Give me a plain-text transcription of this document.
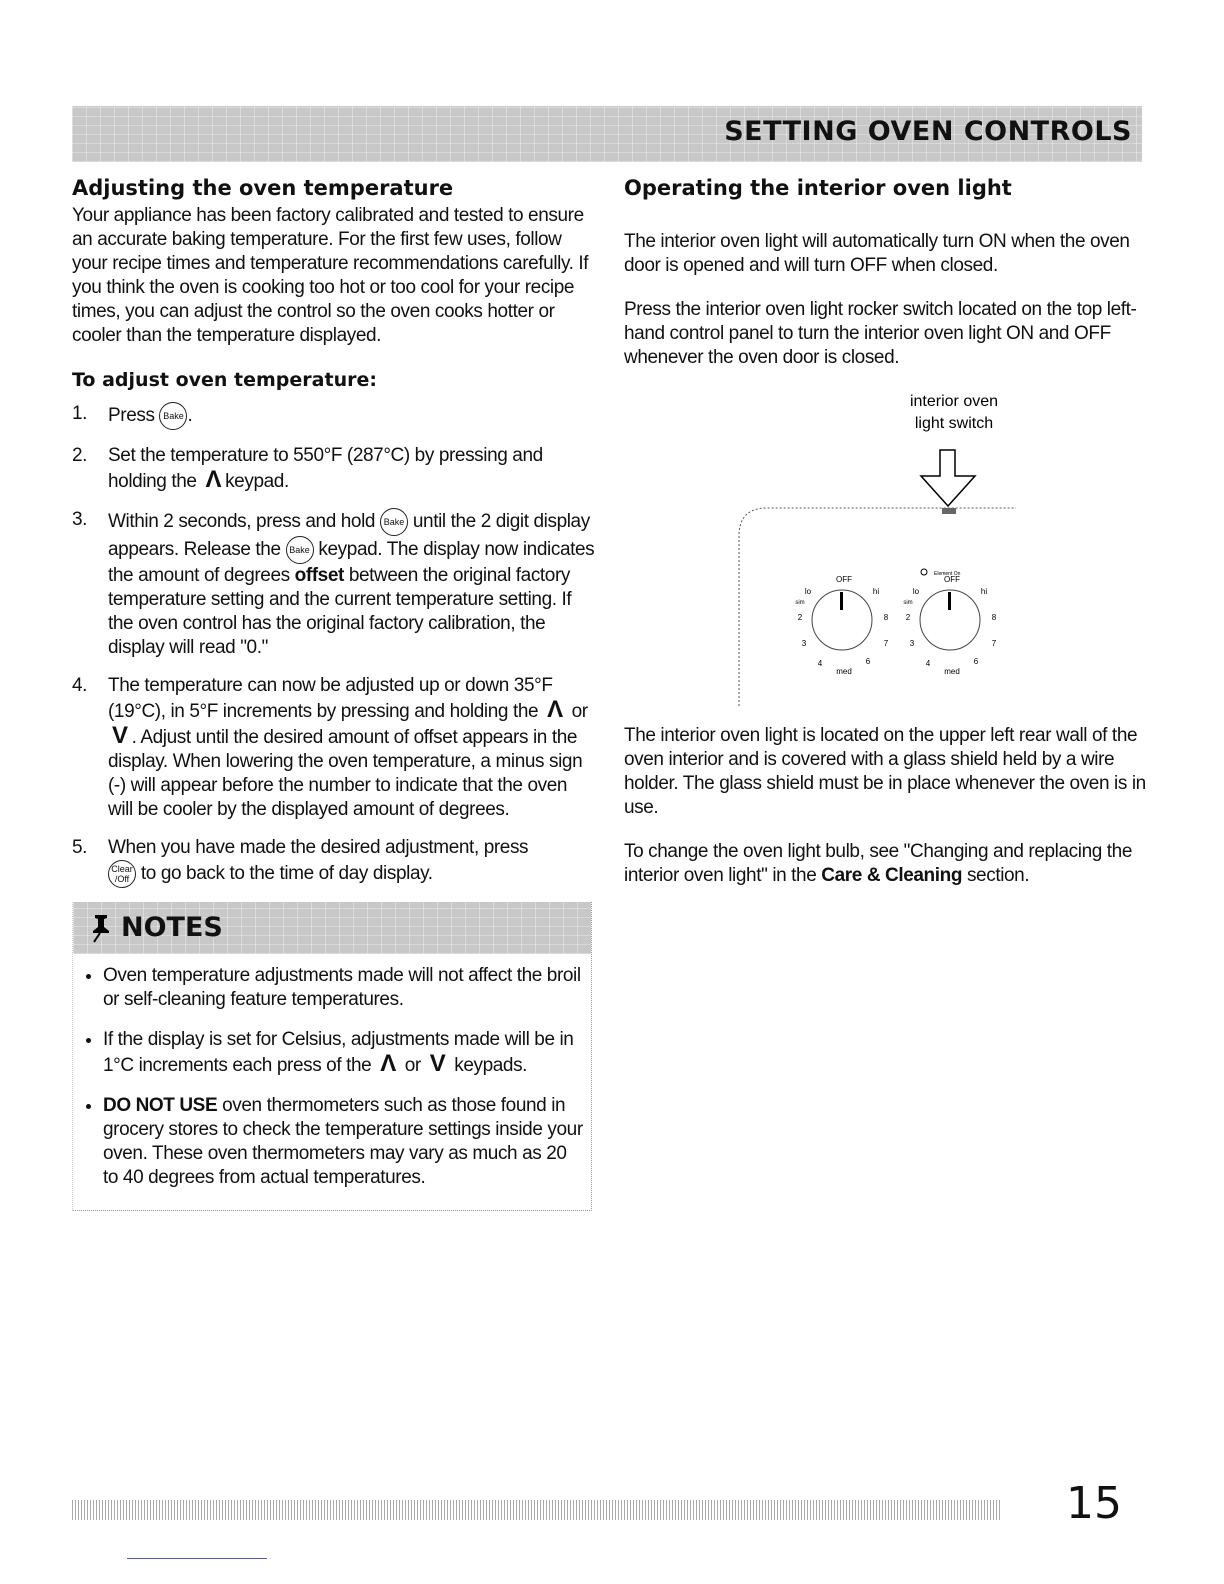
SETTING OVEN CONTROLS
Adjusting the oven temperature

Your appliance has been factory calibrated and tested to ensure an accurate baking temperature. For the first few uses, follow your recipe times and temperature recommendations carefully. If you think the oven is cooking too hot or too cool for your recipe times, you can adjust the control so the oven cooks hotter or cooler than the temperature displayed.

To adjust oven temperature:
1. Press Bake .
2. Set the temperature to 550°F (287°C) by pressing and holding the Λ keypad.
3. Within 2 seconds, press and hold Bake until the 2 digit display appears. Release the Bake keypad. The display now indicates the amount of degrees offset between the original factory temperature setting and the current temperature setting. If the oven control has the original factory calibration, the display will read "0."
4. The temperature can now be adjusted up or down 35°F (19°C), in 5°F increments by pressing and holding the Λ or V . Adjust until the desired amount of offset appears in the display. When lowering the oven temperature, a minus sign (-) will appear before the number to indicate that the oven will be cooler by the displayed amount of degrees.
5. When you have made the desired adjustment, press
Clear
/Off to go back to the time of day display.
NOTES
• Oven temperature adjustments made will not affect the broil or self-cleaning feature temperatures.
• If the display is set for Celsius, adjustments made will be in 1°C increments each press of the Λ or V keypads.
• DO NOT USE oven thermometers such as those found in grocery stores to check the temperature settings inside your oven. These oven thermometers may vary as much as 20 to 40 degrees from actual temperatures.
Operating the interior oven light

The interior oven light will automatically turn ON when the oven door is opened and will turn OFF when closed.

Press the interior oven light rocker switch located on the top left-hand control panel to turn the interior oven light ON and OFF whenever the oven door is closed.

interior oven
light switch
Element On
OFF
lo	hi
sim
2	8
3	7
4	6
med
OFF
lo	hi
sim
2	8
3	7
4	6
med

The interior oven light is located on the upper left rear wall of the oven interior and is covered with a glass shield held by a wire holder. The glass shield must be in place whenever the oven is in use.

To change the oven light bulb, see "Changing and replacing the interior oven light" in the Care & Cleaning section.

15
